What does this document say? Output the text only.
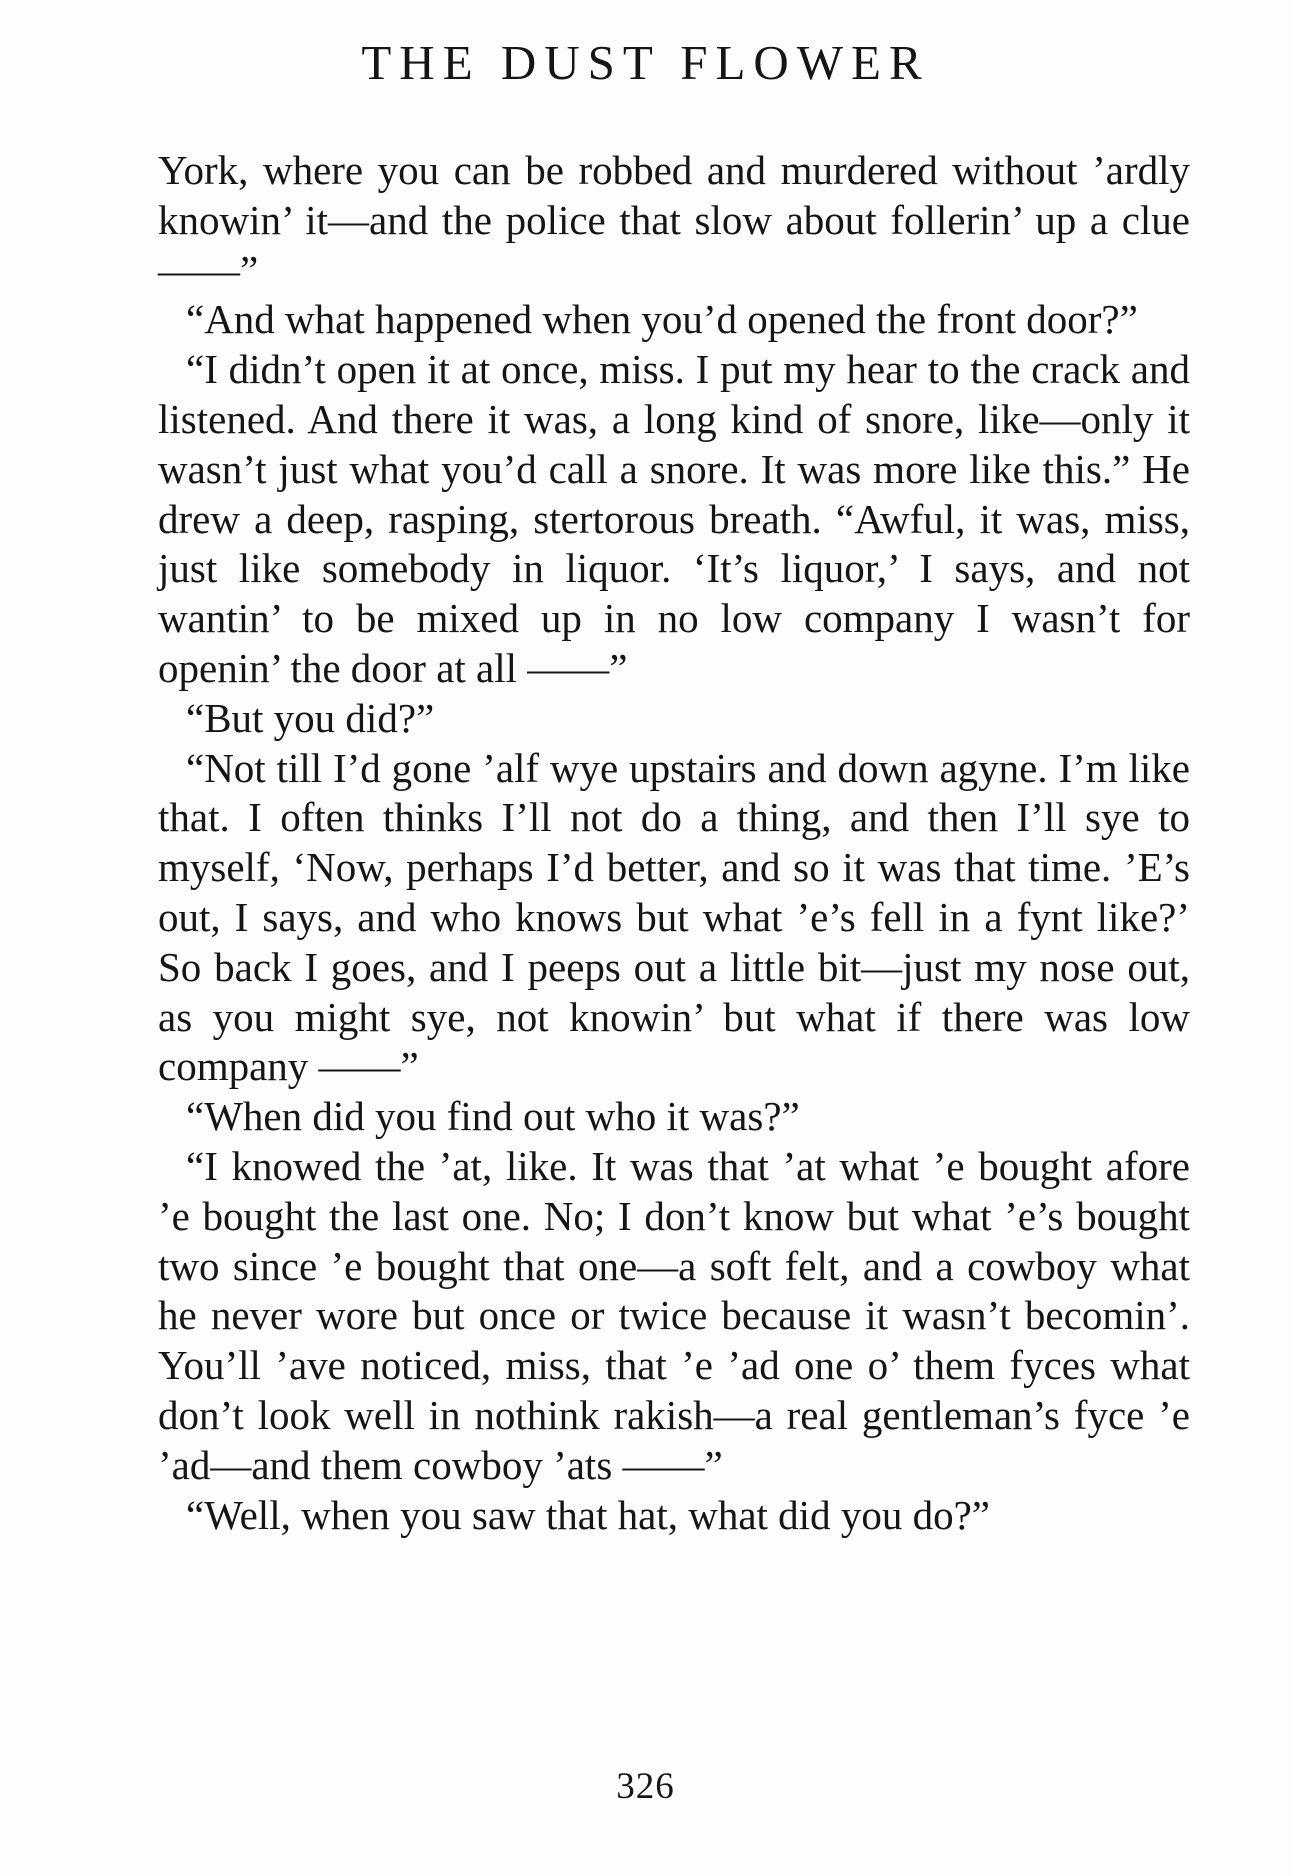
THE DUST FLOWER

York, where you can be robbed and murdered without ’ardly knowin’ it—and the police that slow about follerin’ up a clue ——”

“And what happened when you’d opened the front door?”

“I didn’t open it at once, miss. I put my hear to the crack and listened. And there it was, a long kind of snore, like—only it wasn’t just what you’d call a snore. It was more like this.” He drew a deep, rasping, stertorous breath. “Awful, it was, miss, just like somebody in liquor. ‘It’s liquor,’ I says, and not wantin’ to be mixed up in no low company I wasn’t for openin’ the door at all ——”

“But you did?”

“Not till I’d gone ’alf wye upstairs and down agyne. I’m like that. I often thinks I’ll not do a thing, and then I’ll sye to myself, ‘Now, perhaps I’d better, and so it was that time. ’E’s out, I says, and who knows but what ’e’s fell in a fynt like?’ So back I goes, and I peeps out a little bit—just my nose out, as you might sye, not knowin’ but what if there was low company ——”

“When did you find out who it was?”

“I knowed the ’at, like. It was that ’at what ’e bought afore ’e bought the last one. No; I don’t know but what ’e’s bought two since ’e bought that one—a soft felt, and a cowboy what he never wore but once or twice because it wasn’t becomin’. You’ll ’ave noticed, miss, that ’e ’ad one o’ them fyces what don’t look well in nothink rakish—a real gentleman’s fyce ’e ’ad—and them cowboy ’ats ——”

“Well, when you saw that hat, what did you do?”

326
